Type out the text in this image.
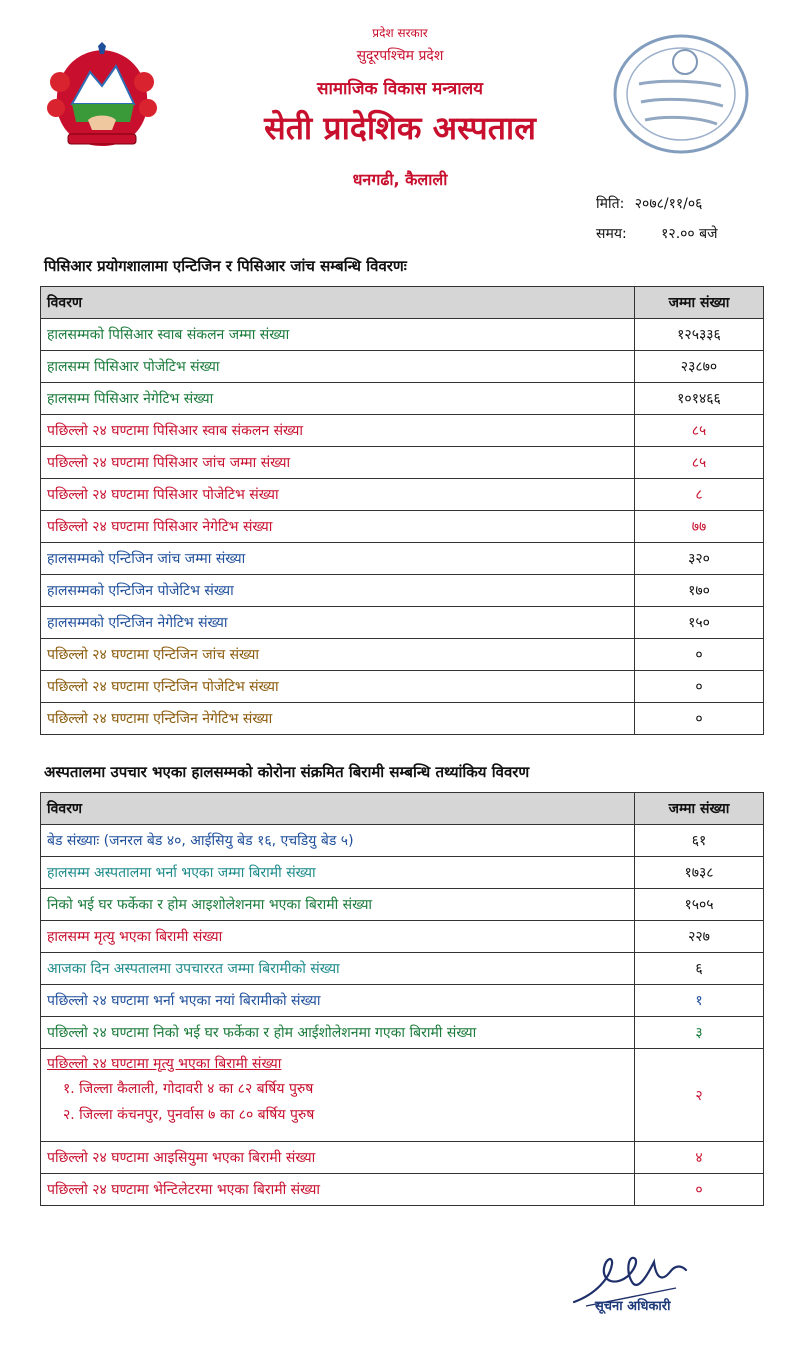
प्रदेश सरकार
सुदूरपश्चिम प्रदेश
सामाजिक विकास मन्त्रालय
सेती प्रादेशिक अस्पताल
धनगढी, कैलाली
मिति: २०७८/११/०६
समय: १२.०० बजे
पिसिआर प्रयोगशालामा एन्टिजिन र पिसिआर जांच सम्बन्धि विवरणः
विवरण	जम्मा संख्या
हालसम्मको पिसिआर स्वाब संकलन जम्मा संख्या	१२५३३६
हालसम्म पिसिआर पोजेटिभ संख्या	२३८७०
हालसम्म पिसिआर नेगेटिभ संख्या	१०१४६६
पछिल्लो २४ घण्टामा पिसिआर स्वाब संकलन संख्या	८५
पछिल्लो २४ घण्टामा पिसिआर जांच जम्मा संख्या	८५
पछिल्लो २४ घण्टामा पिसिआर पोजेटिभ संख्या	८
पछिल्लो २४ घण्टामा पिसिआर नेगेटिभ संख्या	७७
हालसम्मको एन्टिजिन जांच जम्मा संख्या	३२०
हालसम्मको एन्टिजिन पोजेटिभ संख्या	१७०
हालसम्मको एन्टिजिन नेगेटिभ संख्या	१५०
पछिल्लो २४ घण्टामा एन्टिजिन जांच संख्या	०
पछिल्लो २४ घण्टामा एन्टिजिन पोजेटिभ संख्या	०
पछिल्लो २४ घण्टामा एन्टिजिन नेगेटिभ संख्या	०
अस्पतालमा उपचार भएका हालसम्मको कोरोना संक्रमित बिरामी सम्बन्धि तथ्यांकिय विवरण
विवरण	जम्मा संख्या
बेड संख्याः (जनरल बेड ४०, आईसियु बेड १६, एचडियु बेड ५)	६१
हालसम्म अस्पतालमा भर्ना भएका जम्मा बिरामी संख्या	१७३८
निको भई घर फर्केका र होम आइशोलेशनमा भएका बिरामी संख्या	१५०५
हालसम्म मृत्यु भएका बिरामी संख्या	२२७
आजका दिन अस्पतालमा उपचाररत जम्मा बिरामीको संख्या	६
पछिल्लो २४ घण्टामा भर्ना भएका नयां बिरामीको संख्या	१
पछिल्लो २४ घण्टामा निको भई घर फर्केका र होम आईशोलेशनमा गएका बिरामी संख्या	३

पछिल्लो २४ घण्टामा मृत्यु भएका बिरामी संख्या
१. जिल्ला कैलाली, गोदावरी ४ का ८२ बर्षिय पुरुष
२. जिल्ला कंचनपुर, पुनर्वास ७ का ८० बर्षिय पुरुष	२
पछिल्लो २४ घण्टामा आइसियुमा भएका बिरामी संख्या	४
पछिल्लो २४ घण्टामा भेन्टिलेटरमा भएका बिरामी संख्या	०
सूचना अधिकारी
